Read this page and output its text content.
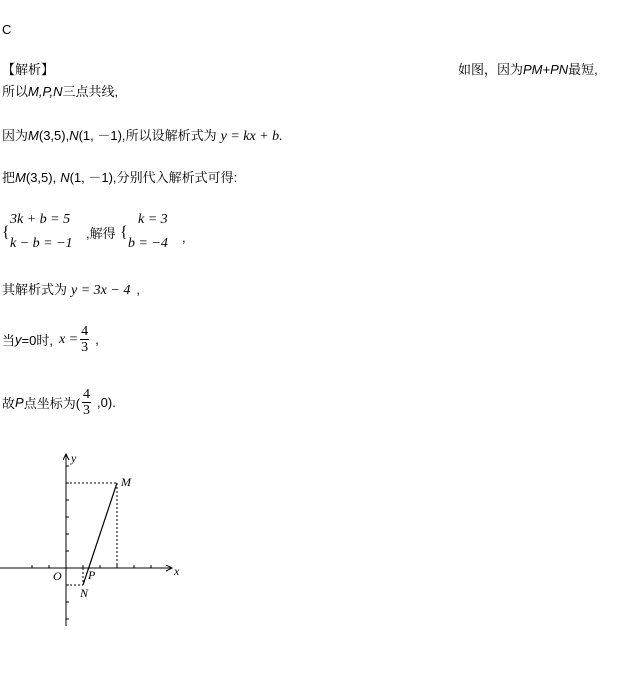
C
【解析】	如图，因为PM+PN最短,
所以M,P,N三点共线,
因为M(3,5),N(1, －1),所以设解析式为 y = kx + b.
把M(3,5), N(1, －1),分别代入解析式可得:
{
3k + b = 5
k − b = −1
,解得 {
k = 3
b = −4 ,
其解析式为 y = 3x − 4 ,
当y=0时, $x = \frac{4}{3}$ ,
故P点坐标为( $\frac{4}{3} ,0$).
y
x
O
M
P
N
